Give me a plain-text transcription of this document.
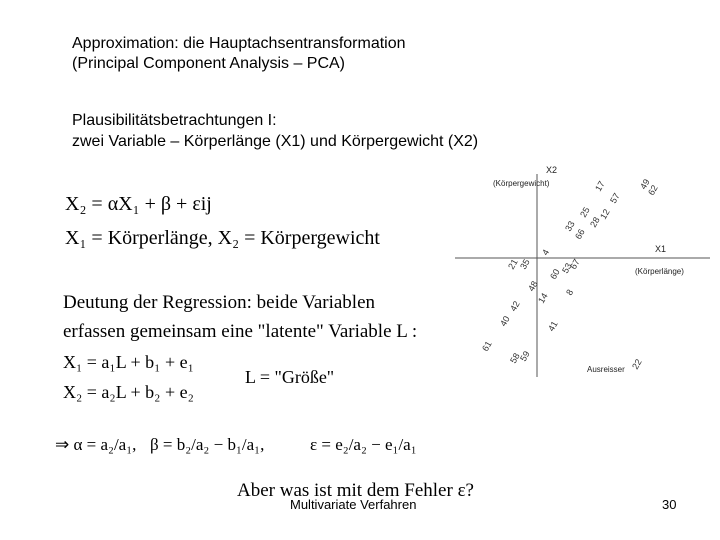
Approximation: die Hauptachsentransformation
(Principal Component Analysis – PCA)
Plausibilitätsbetrachtungen I:
zwei Variable – Körperlänge (X1) und Körpergewicht (X2)
X₂ = αX₁ + β + εij
X₁ = Körperlänge, X₂ = Körpergewicht
Deutung der Regression: beide Variablen
erfassen gemeinsam eine "latente" Variable L :
X₁ = a₁L + b₁ + e₁
X₂ = a₂L + b₂ + e₂
L = "Größe"
⇒ α = a₂/a₁, β = b₂/a₂ − b₁/a₁,	ε = e₂/a₂ − e₁/a₁
X2
(Körpergewicht)
X1
(Körperlänge)
Ausreisser
49
62
17
57
25 12
66
28
33
21
35
4
67
48
42
40	41
14 8
61
58
59
22
53
60
Aber was ist mit dem Fehler ε?
Multivariate Verfahren	30
